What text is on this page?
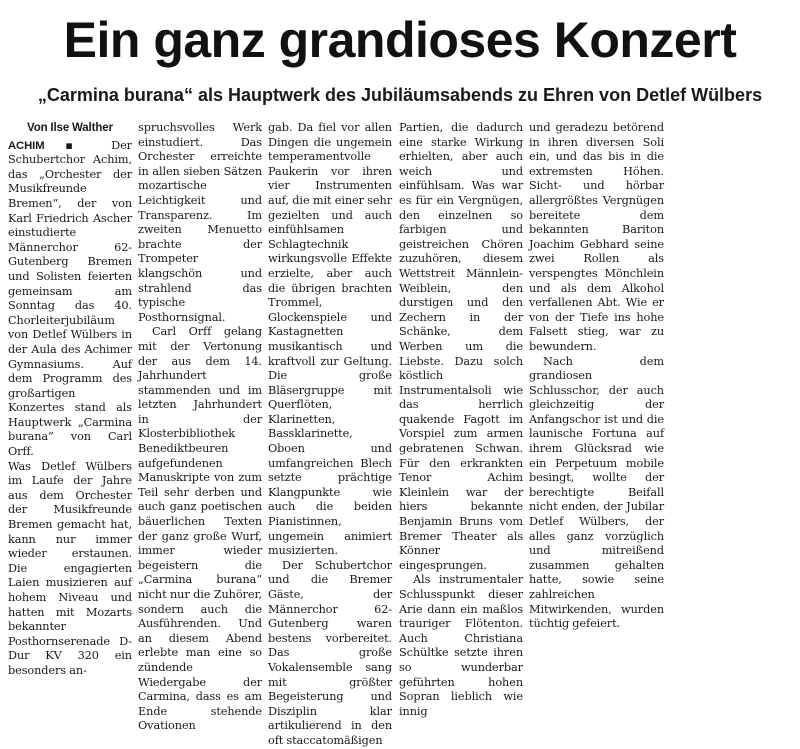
Ein ganz grandioses Konzert
„Carmina burana“ als Hauptwerk des Jubiläumsabends zu Ehren von Detlef Wülbers
Von Ilse Walther

ACHIM ▪ Der Schubertchor Achim, das „Orchester der Musikfreunde Bremen“, der von Karl Friedrich Ascher einstudierte Männerchor 62-Gutenberg Bremen und Solisten feierten gemeinsam am Sonntag das 40. Chorleiterjubiläum von Detlef Wülbers in der Aula des Achimer Gymnasiums. Auf dem Programm des großartigen Konzertes stand als Hauptwerk „Carmina burana“ von Carl Orff.

Was Detlef Wülbers im Laufe der Jahre aus dem Orchester der Musikfreunde Bremen gemacht hat, kann nur immer wieder erstaunen. Die engagierten Laien musizieren auf hohem Niveau und hatten mit Mozarts bekannter Posthornserenade D-Dur KV 320 ein besonders an-

spruchsvolles Werk einstudiert. Das Orchester erreichte in allen sieben Sätzen mozartische Leichtigkeit und Transparenz. Im zweiten Menuetto brachte der Trompeter klangschön und strahlend das typische Posthornsignal.

Carl Orff gelang mit der Vertonung der aus dem 14. Jahrhundert stammenden und im letzten Jahrhundert in der Klosterbibliothek Benediktbeuren aufgefundenen Manuskripte von zum Teil sehr derben und auch ganz poetischen bäuerlichen Texten der ganz große Wurf, immer wieder begeistern die „Carmina burana“ nicht nur die Zuhörer, sondern auch die Ausführenden. Und an diesem Abend erlebte man eine so zündende Wiedergabe der Carmina, dass es am Ende stehende Ovationen

gab. Da fiel vor allen Dingen die ungemein temperamentvolle Paukerin vor ihren vier Instrumenten auf, die mit einer sehr gezielten und auch einfühlsamen Schlagtechnik wirkungsvolle Effekte erzielte, aber auch die übrigen brachten Trommel, Glockenspiele und Kastagnetten musikantisch und kraftvoll zur Geltung. Die große Bläsergruppe mit Querflöten, Klarinetten, Bassklarinette, Oboen und umfangreichen Blech setzte prächtige Klangpunkte wie auch die beiden Pianistinnen, ungemein animiert musizierten.

Der Schubertchor und die Bremer Gäste, der Männerchor 62-Gutenberg waren bestens vorbereitet. Das große Vokalensemble sang mit größter Begeisterung und Disziplin klar artikulierend in den oft staccatomäßigen

Partien, die dadurch eine starke Wirkung erhielten, aber auch weich und einfühlsam. Was war es für ein Vergnügen, den einzelnen so farbigen und geistreichen Chören zuzuhören, diesem Wettstreit Männlein-Weiblein, den durstigen und den Zechern in der Schänke, dem Werben um die Liebste. Dazu solch köstlich Instrumentalsoli wie das herrlich quakende Fagott im Vorspiel zum armen gebratenen Schwan. Für den erkrankten Tenor Achim Kleinlein war der hiers bekannte Benjamin Bruns vom Bremer Theater als Könner eingesprungen.

Als instrumentaler Schlusspunkt dieser Arie dann ein maßlos trauriger Flötenton. Auch Christiana Schültke setzte ihren so wunderbar geführten hohen Sopran lieblich wie innig

und geradezu betörend in ihren diversen Soli ein, und das bis in die extremsten Höhen. Sicht- und hörbar allergrößtes Vergnügen bereitete dem bekannten Bariton Joachim Gebhard seine zwei Rollen als verspengtes Mönchlein und als dem Alkohol verfallenen Abt. Wie er von der Tiefe ins hohe Falsett stieg, war zu bewundern.

Nach dem grandiosen Schlusschor, der auch gleichzeitig der Anfangschor ist und die launische Fortuna auf ihrem Glücksrad wie ein Perpetuum mobile besingt, wollte der berechtigte Beifall nicht enden, der Jubilar Detlef Wülbers, der alles ganz vorzüglich und mitreißend zusammen gehalten hatte, sowie seine zahlreichen Mitwirkenden, wurden tüchtig gefeiert.
